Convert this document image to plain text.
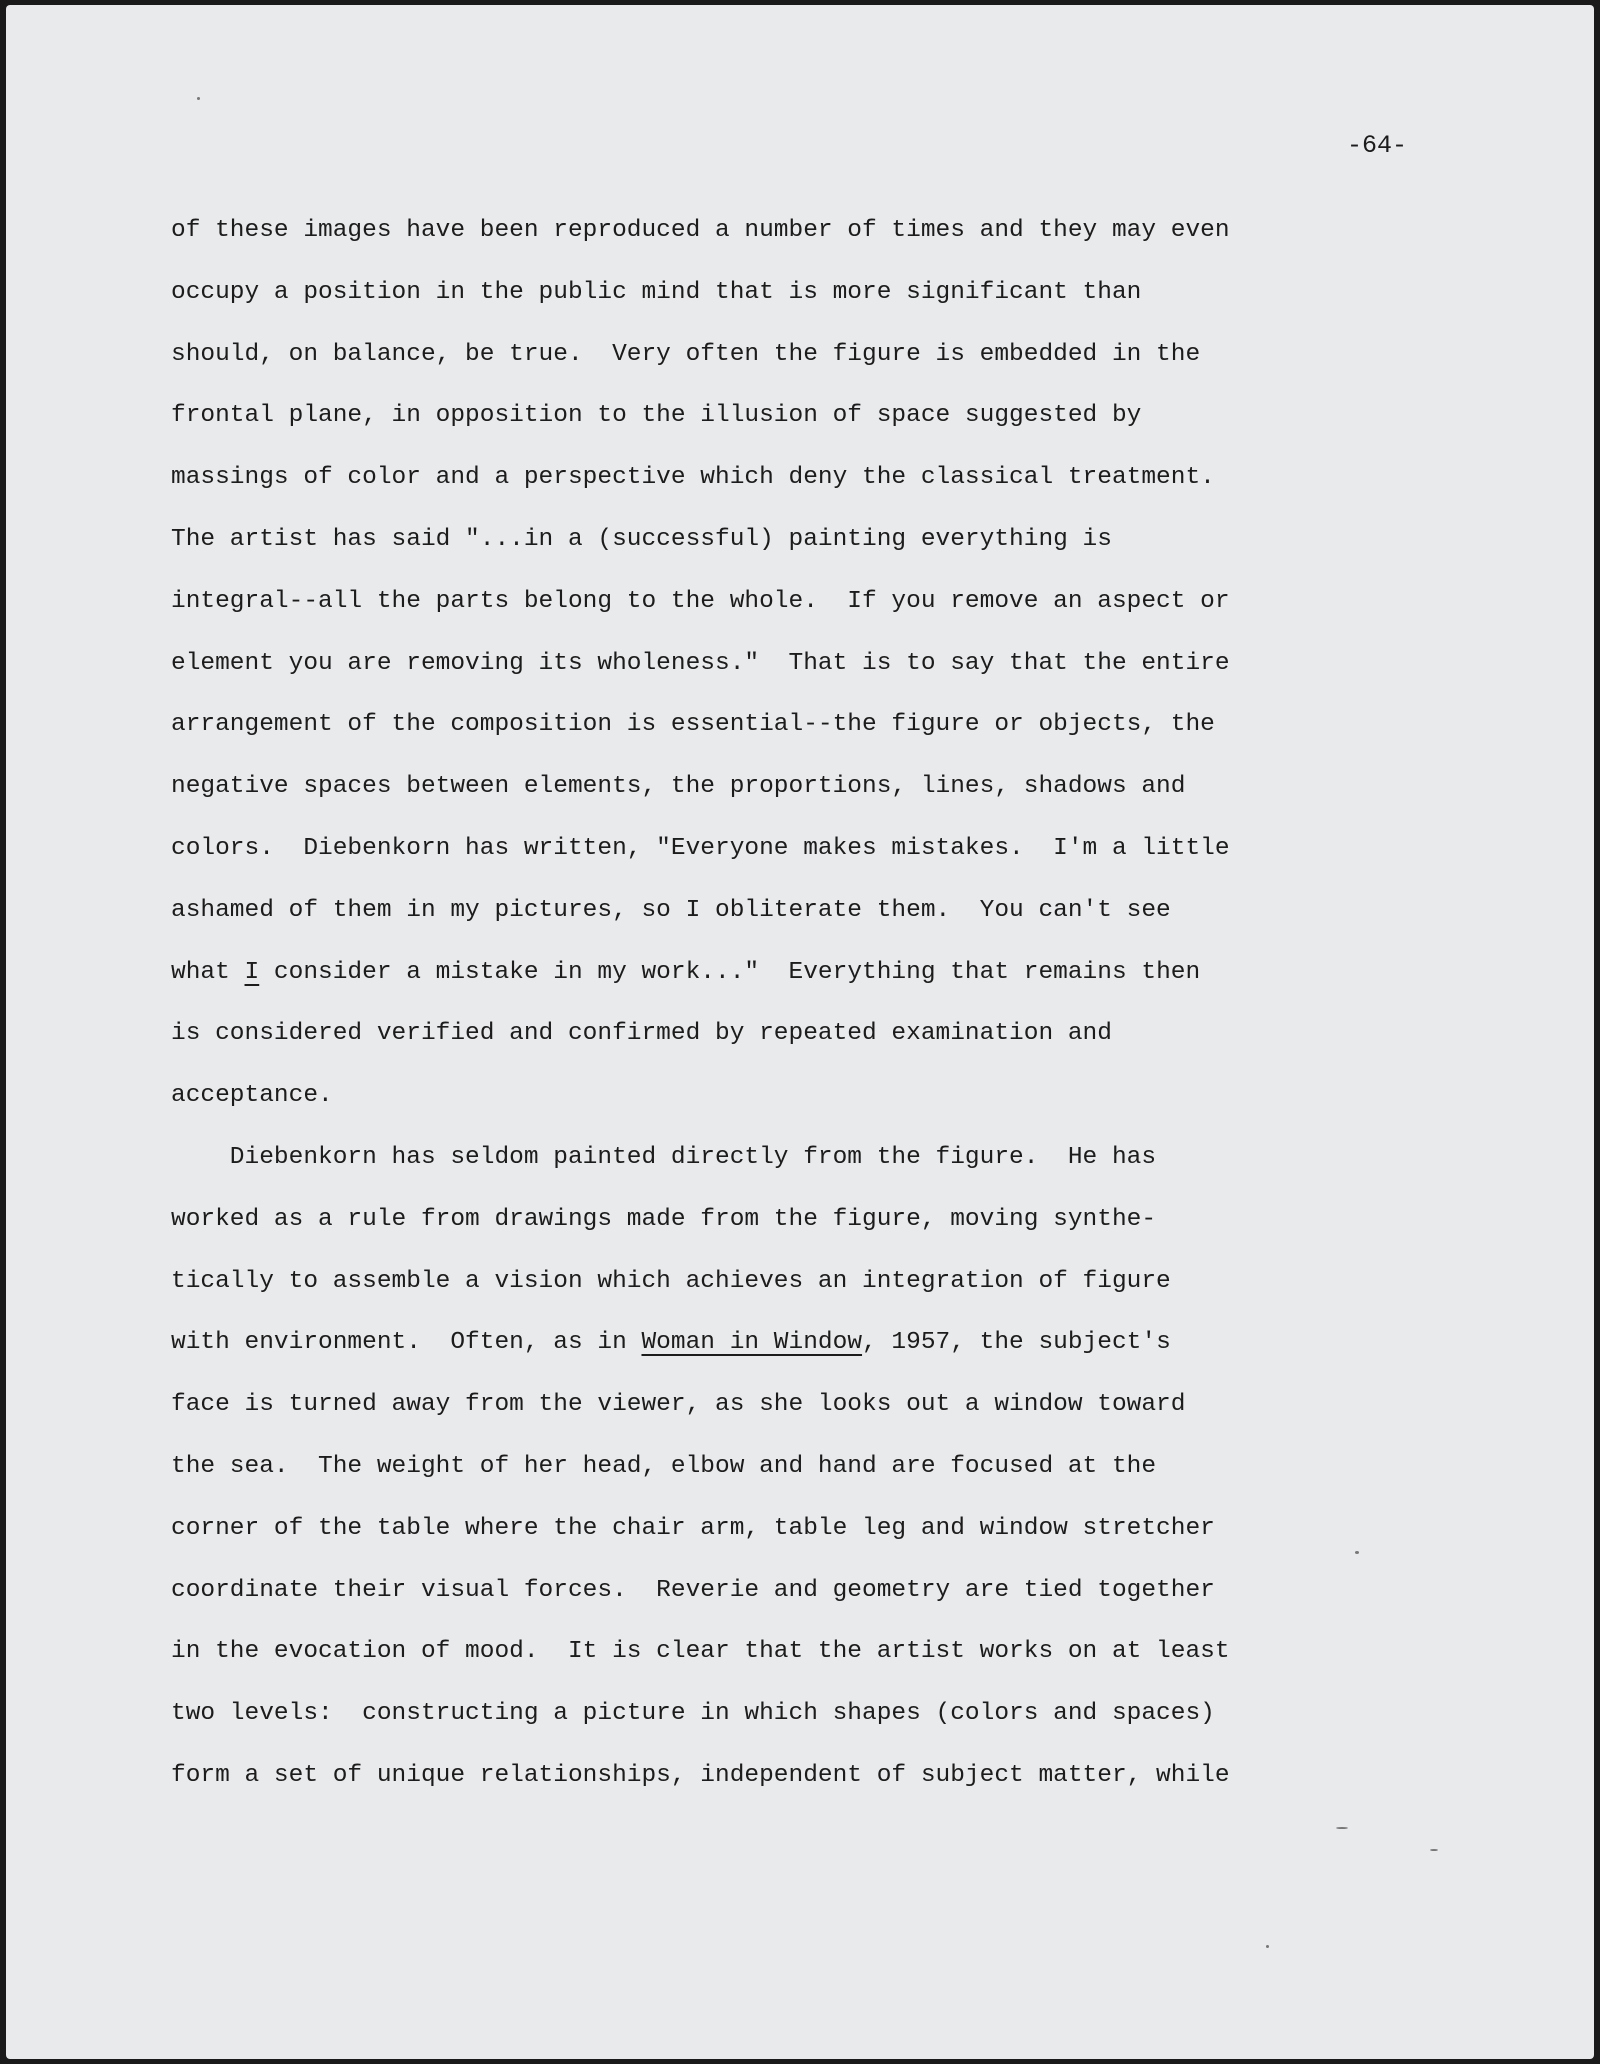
-64-
of these images have been reproduced a number of times and they may even
occupy a position in the public mind that is more significant than
should, on balance, be true.  Very often the figure is embedded in the
frontal plane, in opposition to the illusion of space suggested by
massings of color and a perspective which deny the classical treatment.
The artist has said "...in a (successful) painting everything is
integral--all the parts belong to the whole.  If you remove an aspect or
element you are removing its wholeness."  That is to say that the entire
arrangement of the composition is essential--the figure or objects, the
negative spaces between elements, the proportions, lines, shadows and
colors.  Diebenkorn has written, "Everyone makes mistakes.  I'm a little
ashamed of them in my pictures, so I obliterate them.  You can't see
what I consider a mistake in my work..."  Everything that remains then
is considered verified and confirmed by repeated examination and
acceptance.
Diebenkorn has seldom painted directly from the figure.  He has
worked as a rule from drawings made from the figure, moving synthe-
tically to assemble a vision which achieves an integration of figure
with environment.  Often, as in Woman in Window, 1957, the subject's
face is turned away from the viewer, as she looks out a window toward
the sea.  The weight of her head, elbow and hand are focused at the
corner of the table where the chair arm, table leg and window stretcher
coordinate their visual forces.  Reverie and geometry are tied together
in the evocation of mood.  It is clear that the artist works on at least
two levels:  constructing a picture in which shapes (colors and spaces)
form a set of unique relationships, independent of subject matter, while
